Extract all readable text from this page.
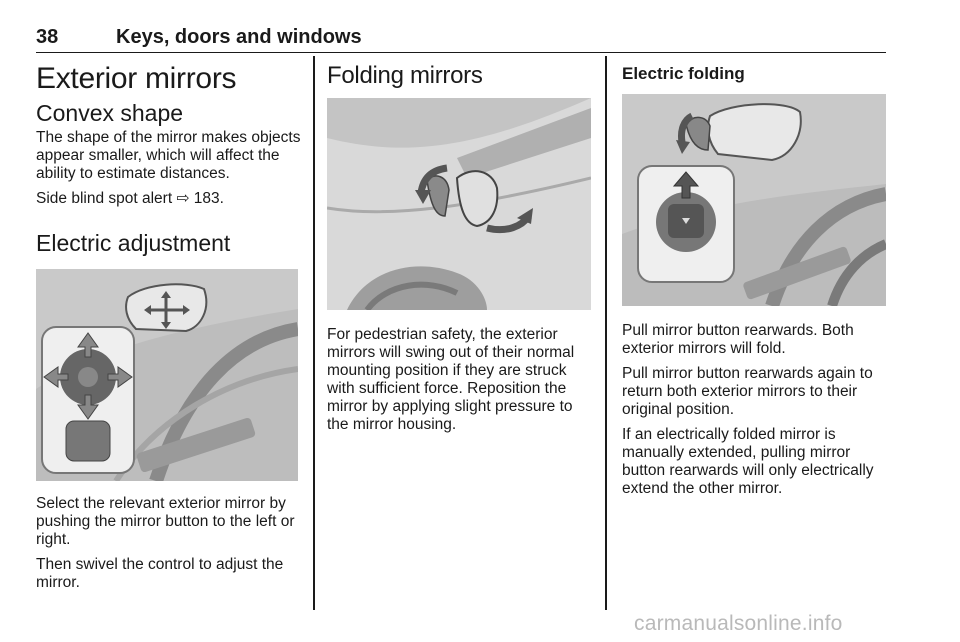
38	Keys, doors and windows
Exterior mirrors
Convex shape

The shape of the mirror makes objects appear smaller, which will affect the ability to estimate distances.

Side blind spot alert ⇨ 183.

Electric adjustment

Select the relevant exterior mirror by pushing the mirror button to the left or right.

Then swivel the control to adjust the mirror.

Folding mirrors

For pedestrian safety, the exterior mirrors will swing out of their normal mounting position if they are struck with sufficient force. Reposition the mirror by applying slight pressure to the mirror housing.

Electric folding

Pull mirror button rearwards. Both exterior mirrors will fold.

Pull mirror button rearwards again to return both exterior mirrors to their original position.

If an electrically folded mirror is manually extended, pulling mirror button rearwards will only electrically extend the other mirror.

carmanualsonline.info
